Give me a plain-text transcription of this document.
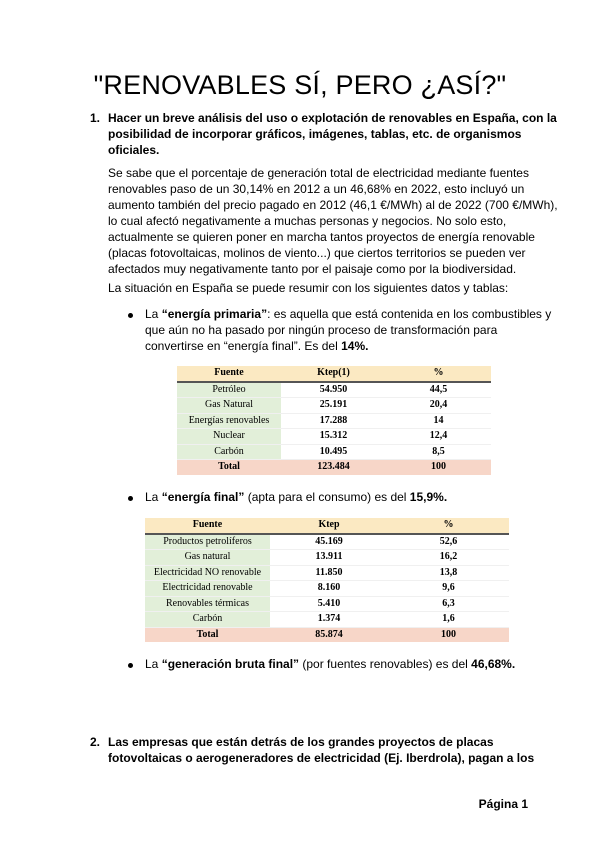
"RENOVABLES SÍ, PERO ¿ASÍ?"
1. Hacer un breve análisis del uso o explotación de renovables en España, con la
posibilidad de incorporar gráficos, imágenes, tablas, etc. de organismos
oficiales.
Se sabe que el porcentaje de generación total de electricidad mediante fuentes
renovables paso de un 30,14% en 2012 a un 46,68% en 2022, esto incluyó un
aumento también del precio pagado en 2012 (46,1 €/MWh) al de 2022 (700 €/MWh),
lo cual afectó negativamente a muchas personas y negocios. No solo esto,
actualmente se quieren poner en marcha tantos proyectos de energía renovable
(placas fotovoltaicas, molinos de viento...) que ciertos territorios se pueden ver
afectados muy negativamente tanto por el paisaje como por la biodiversidad.
La situación en España se puede resumir con los siguientes datos y tablas:
La “energía primaria”: es aquella que está contenida en los combustibles y
que aún no ha pasado por ningún proceso de transformación para
convertirse en “energía final”. Es del 14%.
Fuente	Ktep(1)	%
Petróleo	54.950	44,5
Gas Natural	25.191	20,4
Energías renovables	17.288	14
Nuclear	15.312	12,4
Carbón	10.495	8,5
Total	123.484	100
La “energía final” (apta para el consumo) es del 15,9%.
Fuente	Ktep	%
Productos petrolíferos	45.169	52,6
Gas natural	13.911	16,2
Electricidad NO renovable	11.850	13,8
Electricidad renovable	8.160	9,6
Renovables térmicas	5.410	6,3
Carbón	1.374	1,6
Total	85.874	100
La “generación bruta final” (por fuentes renovables) es del 46,68%.
2. Las empresas que están detrás de los grandes proyectos de placas
fotovoltaicas o aerogeneradores de electricidad (Ej. Iberdrola), pagan a los
Página 1
